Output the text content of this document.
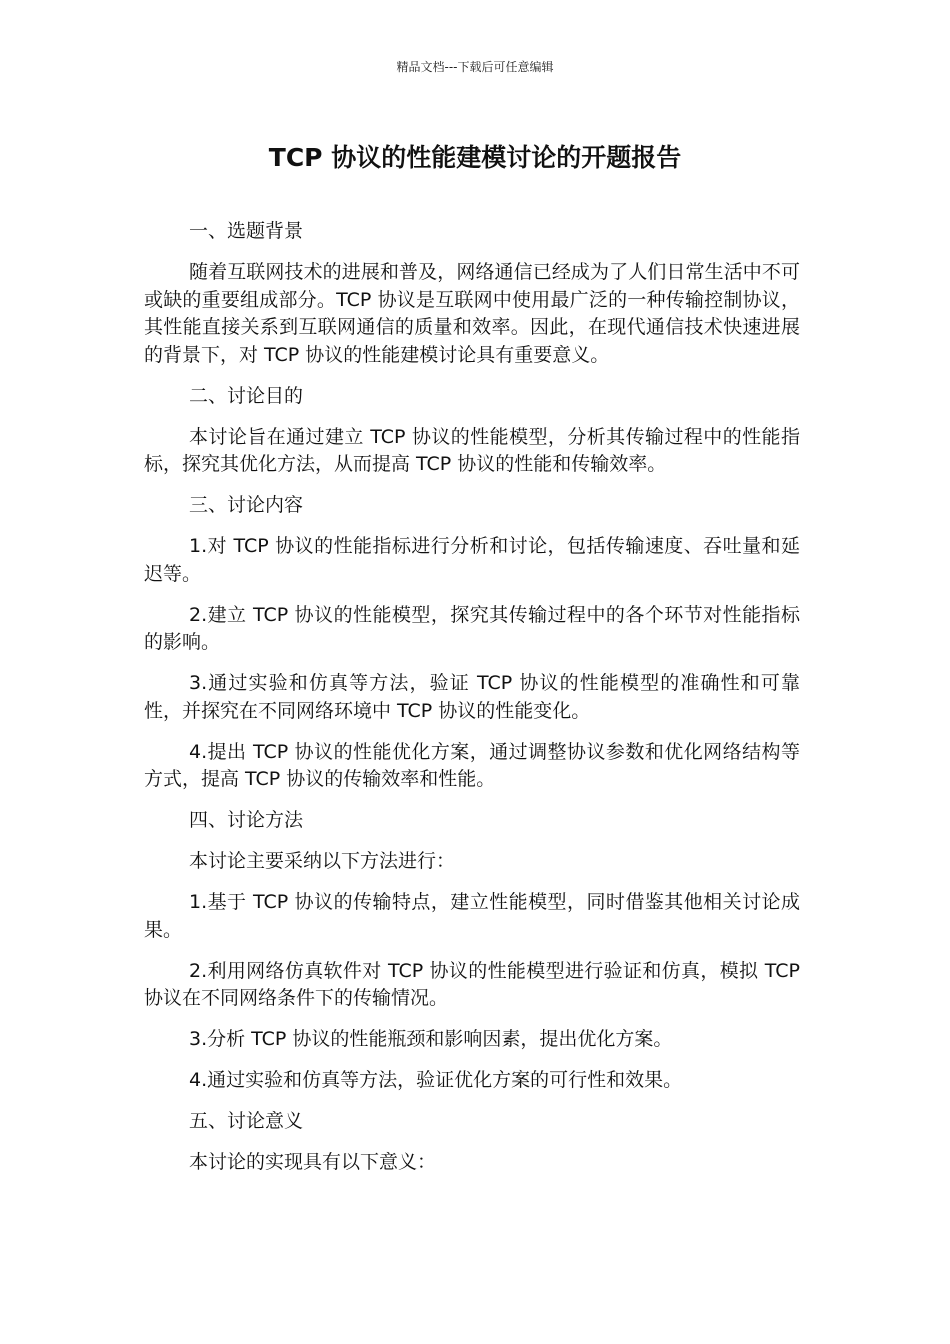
精品文档---下载后可任意编辑
TCP 协议的性能建模讨论的开题报告
一、选题背景

随着互联网技术的进展和普及，网络通信已经成为了人们日常生活中不可或缺的重要组成部分。TCP 协议是互联网中使用最广泛的一种传输控制协议，其性能直接关系到互联网通信的质量和效率。因此，在现代通信技术快速进展的背景下，对 TCP 协议的性能建模讨论具有重要意义。

二、讨论目的

本讨论旨在通过建立 TCP 协议的性能模型，分析其传输过程中的性能指标，探究其优化方法，从而提高 TCP 协议的性能和传输效率。

三、讨论内容

1.对 TCP 协议的性能指标进行分析和讨论，包括传输速度、吞吐量和延迟等。

2.建立 TCP 协议的性能模型，探究其传输过程中的各个环节对性能指标的影响。

3.通过实验和仿真等方法，验证 TCP 协议的性能模型的准确性和可靠性，并探究在不同网络环境中 TCP 协议的性能变化。

4.提出 TCP 协议的性能优化方案，通过调整协议参数和优化网络结构等方式，提高 TCP 协议的传输效率和性能。

四、讨论方法

本讨论主要采纳以下方法进行：

1.基于 TCP 协议的传输特点，建立性能模型，同时借鉴其他相关讨论成果。

2.利用网络仿真软件对 TCP 协议的性能模型进行验证和仿真，模拟 TCP 协议在不同网络条件下的传输情况。

3.分析 TCP 协议的性能瓶颈和影响因素，提出优化方案。

4.通过实验和仿真等方法，验证优化方案的可行性和效果。

五、讨论意义

本讨论的实现具有以下意义：
